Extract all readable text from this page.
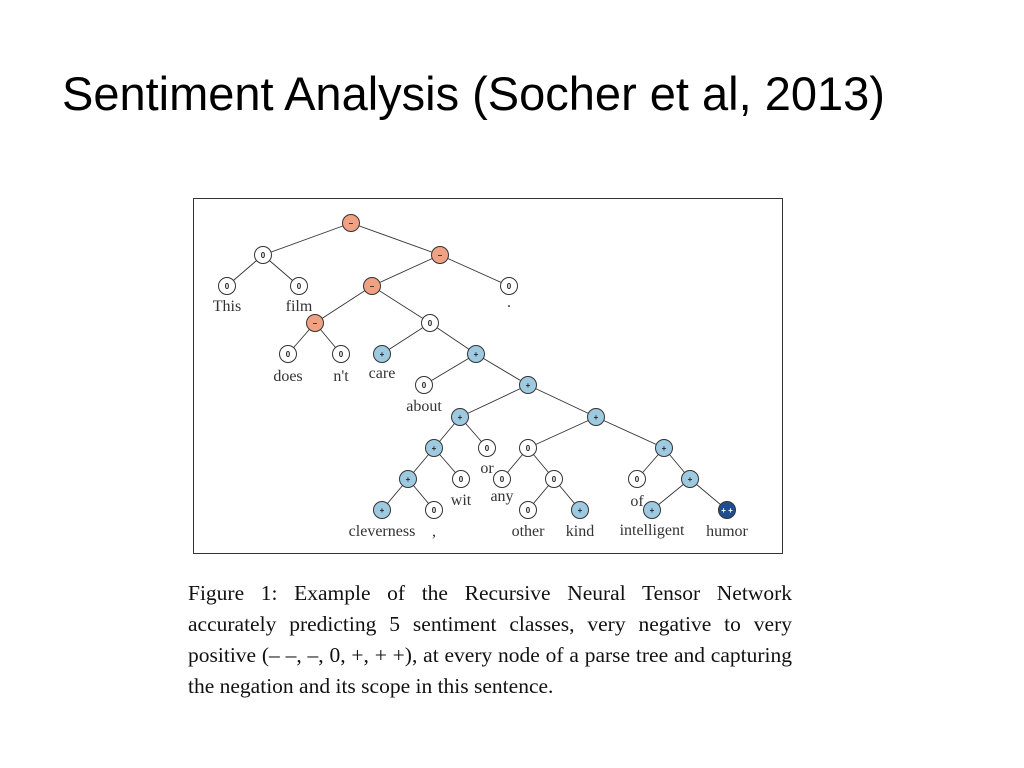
Sentiment Analysis (Socher et al, 2013)
This	film
does n't care
about
cleverness ,
wit
or
any
other kind
of
intelligent humor
.
–
0
0	0
–
–	0
–
0	0
0
+	+
0	+
+
+
+
+	0
0
0
+
0
0	0
0	+
+
0	+
+	+ +

Figure 1: Example of the Recursive Neural Tensor Network accurately predicting 5 sentiment classes, very negative to very positive (– –, –, 0, +, + +), at every node of a parse tree and capturing the negation and its scope in this sentence.
